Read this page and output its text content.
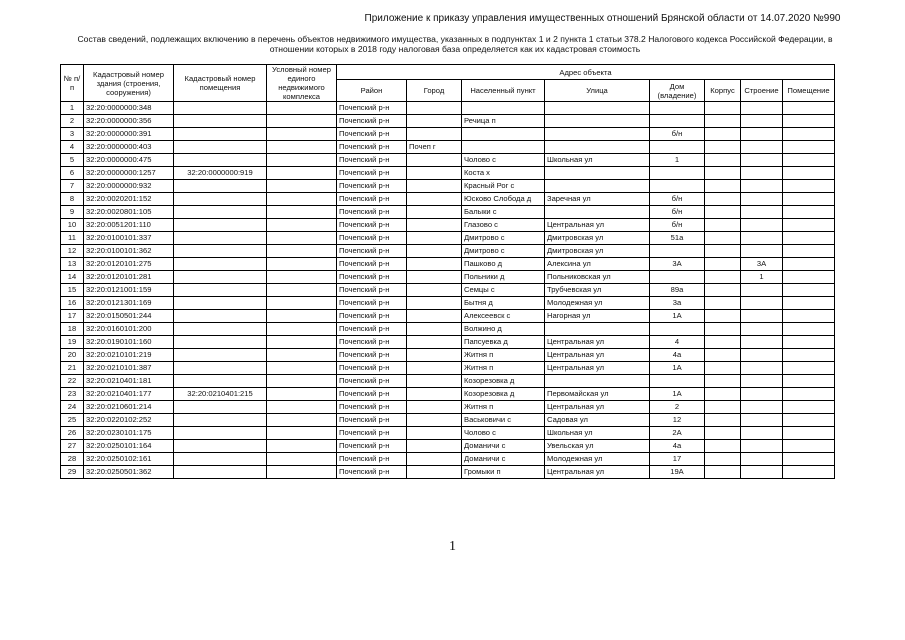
Приложение к приказу управления имущественных отношений Брянской области от 14.07.2020 №990
Состав сведений, подлежащих включению в перечень объектов недвижимого имущества, указанных в подпунктах 1 и 2 пункта 1 статьи 378.2 Налогового кодекса Российской Федерации, в отношении которых в 2018 году налоговая база определяется как их кадастровая стоимость
№ п/п	Кадастровый номер здания (строения, сооружения)	Кадастровый номер помещения	Условный номер единого недвижимого комплекса	Адрес объекта							
				Район	Город	Населенный пункт	Улица	Дом (владение)	Корпус	Строение	Помещение
1	32:20:0000000:348			Почепский р-н							
2	32:20:0000000:356			Почепский р-н		Речица п					
3	32:20:0000000:391			Почепский р-н				б/н			
4	32:20:0000000:403			Почепский р-н	Почеп г						
5	32:20:0000000:475			Почепский р-н		Чолово с	Школьная ул	1			
6	32:20:0000000:1257	32:20:0000000:919		Почепский р-н		Коста х					
7	32:20:0000000:932			Почепский р-н		Красный Рог с					
8	32:20:0020201:152			Почепский р-н		Юсково Слобода д	Заречная ул	б/н			
9	32:20:0020801:105			Почепский р-н		Балыки с		б/н			
10	32:20:0051201:110			Почепский р-н		Глазово с	Центральная ул	б/н			
11	32:20:0100101:337			Почепский р-н		Дмитрово с	Дмитровская ул	51а			
12	32:20:0100101:362			Почепский р-н		Дмитрово с	Дмитровская ул				
13	32:20:0120101:275			Почепский р-н		Пашково д	Алексина ул	3А		3А	
14	32:20:0120101:281			Почепский р-н		Польники д	Польниковская ул			1	
15	32:20:0121001:159			Почепский р-н		Семцы с	Трубчевская ул	89а			
16	32:20:0121301:169			Почепский р-н		Бытня д	Молодежная ул	3а			
17	32:20:0150501:244			Почепский р-н		Алексеевск с	Нагорная ул	1А			
18	32:20:0160101:200			Почепский р-н		Волжино д					
19	32:20:0190101:160			Почепский р-н		Папсуевка д	Центральная ул	4			
20	32:20:0210101:219			Почепский р-н		Житня п	Центральная ул	4а			
21	32:20:0210101:387			Почепский р-н		Житня п	Центральная ул	1А			
22	32:20:0210401:181			Почепский р-н		Козорезовка д					
23	32:20:0210401:177	32:20:0210401:215		Почепский р-н		Козорезовка д	Первомайская ул	1А			
24	32:20:0210601:214			Почепский р-н		Житня п	Центральная ул	2			
25	32:20:0220102:252			Почепский р-н		Васьковичи с	Садовая ул	12			
26	32:20:0230101:175			Почепский р-н		Чолово с	Школьная ул	2А			
27	32:20:0250101:164			Почепский р-н		Доманичи с	Увельская ул	4а			
28	32:20:0250102:161			Почепский р-н		Доманичи с	Молодежная ул	17			
29	32:20:0250501:362			Почепский р-н		Громыки п	Центральная ул	19А			
1
